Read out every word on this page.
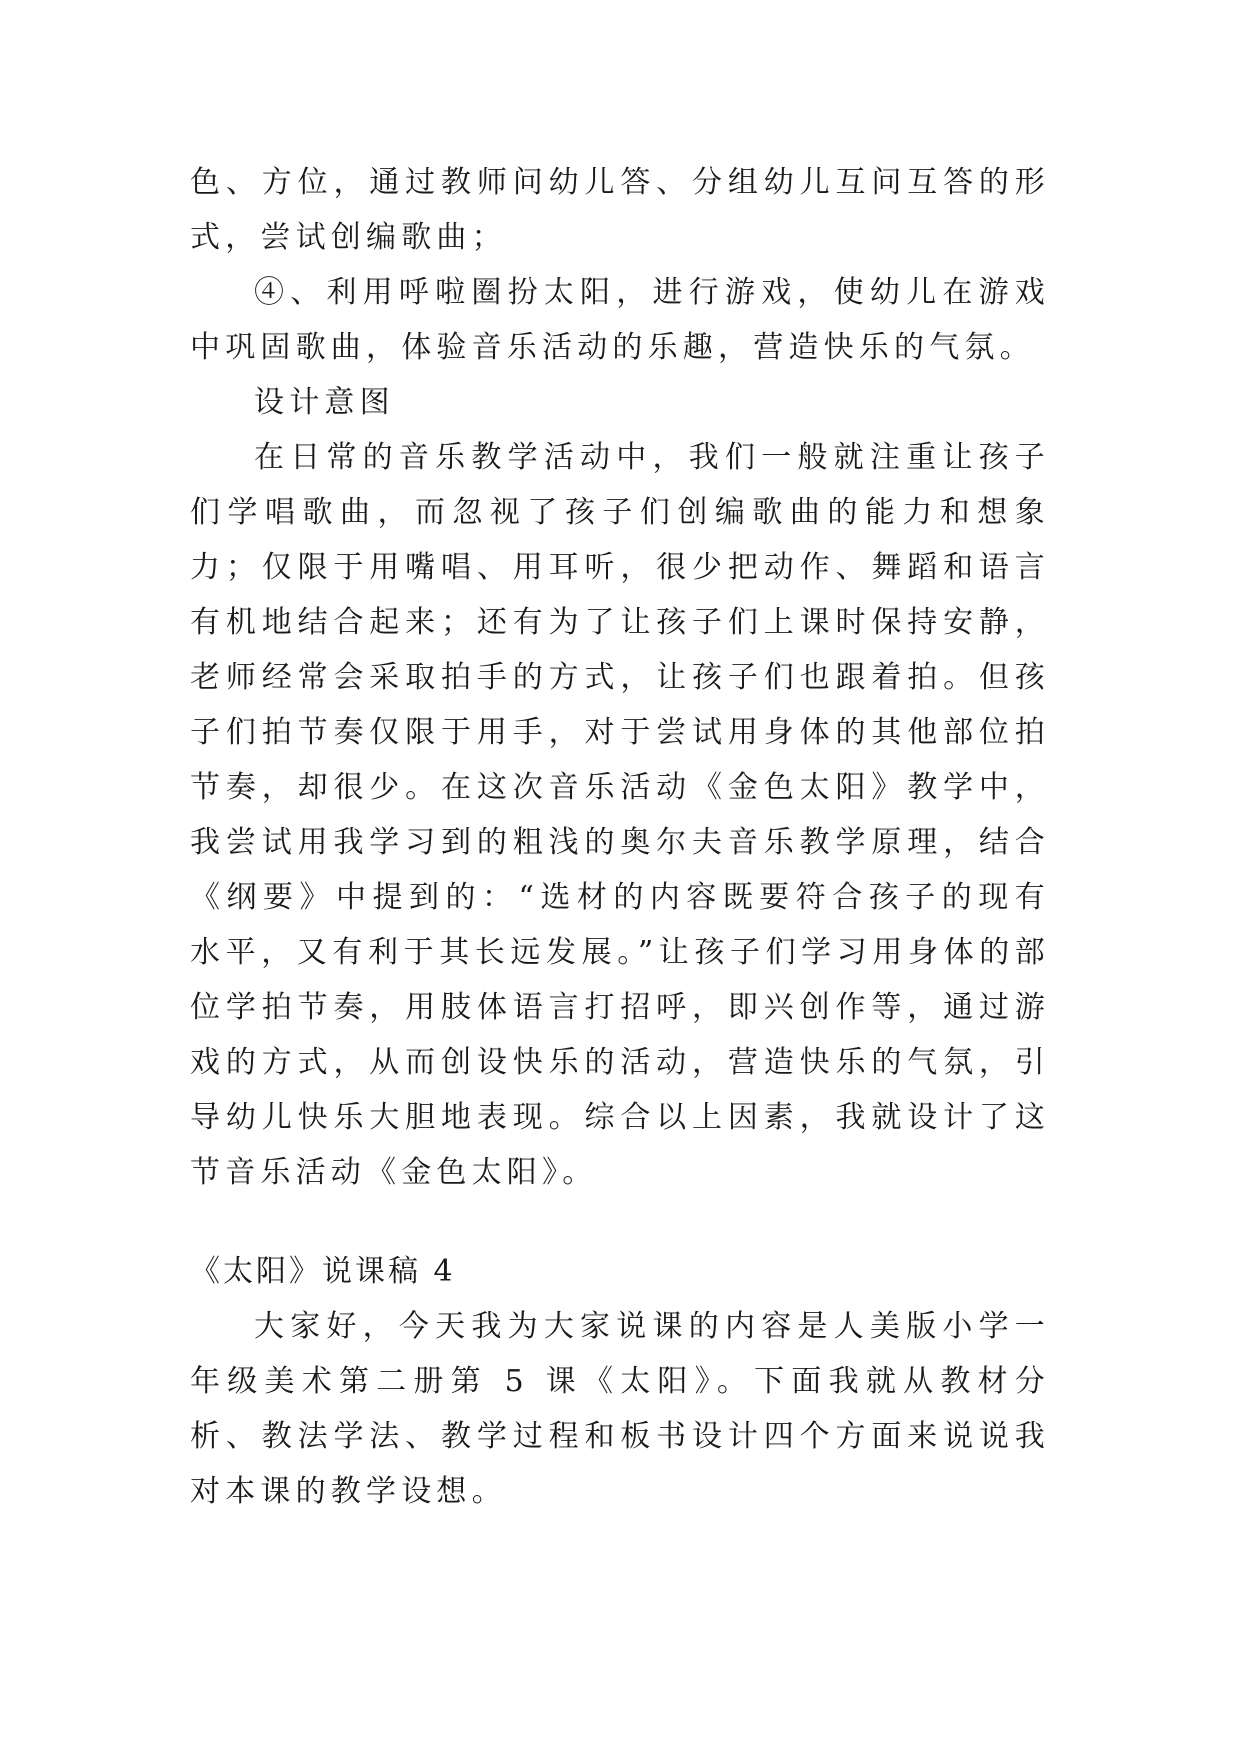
色、方位，通过教师问幼儿答、分组幼儿互问互答的形式，尝试创编歌曲；

④、利用呼啦圈扮太阳，进行游戏，使幼儿在游戏中巩固歌曲，体验音乐活动的乐趣，营造快乐的气氛。

设计意图

在日常的音乐教学活动中，我们一般就注重让孩子们学唱歌曲，而忽视了孩子们创编歌曲的能力和想象力；仅限于用嘴唱、用耳听，很少把动作、舞蹈和语言有机地结合起来；还有为了让孩子们上课时保持安静，老师经常会采取拍手的方式，让孩子们也跟着拍。但孩子们拍节奏仅限于用手，对于尝试用身体的其他部位拍节奏，却很少。在这次音乐活动《金色太阳》教学中，我尝试用我学习到的粗浅的奥尔夫音乐教学原理，结合《纲要》中提到的：“选材的内容既要符合孩子的现有水平，又有利于其长远发展。”让孩子们学习用身体的部位学拍节奏，用肢体语言打招呼，即兴创作等，通过游戏的方式，从而创设快乐的活动，营造快乐的气氛，引导幼儿快乐大胆地表现。综合以上因素，我就设计了这节音乐活动《金色太阳》。

《太阳》说课稿 4

大家好，今天我为大家说课的内容是人美版小学一年级美术第二册第 5 课《太阳》。下面我就从教材分析、教法学法、教学过程和板书设计四个方面来说说我对本课的教学设想。
